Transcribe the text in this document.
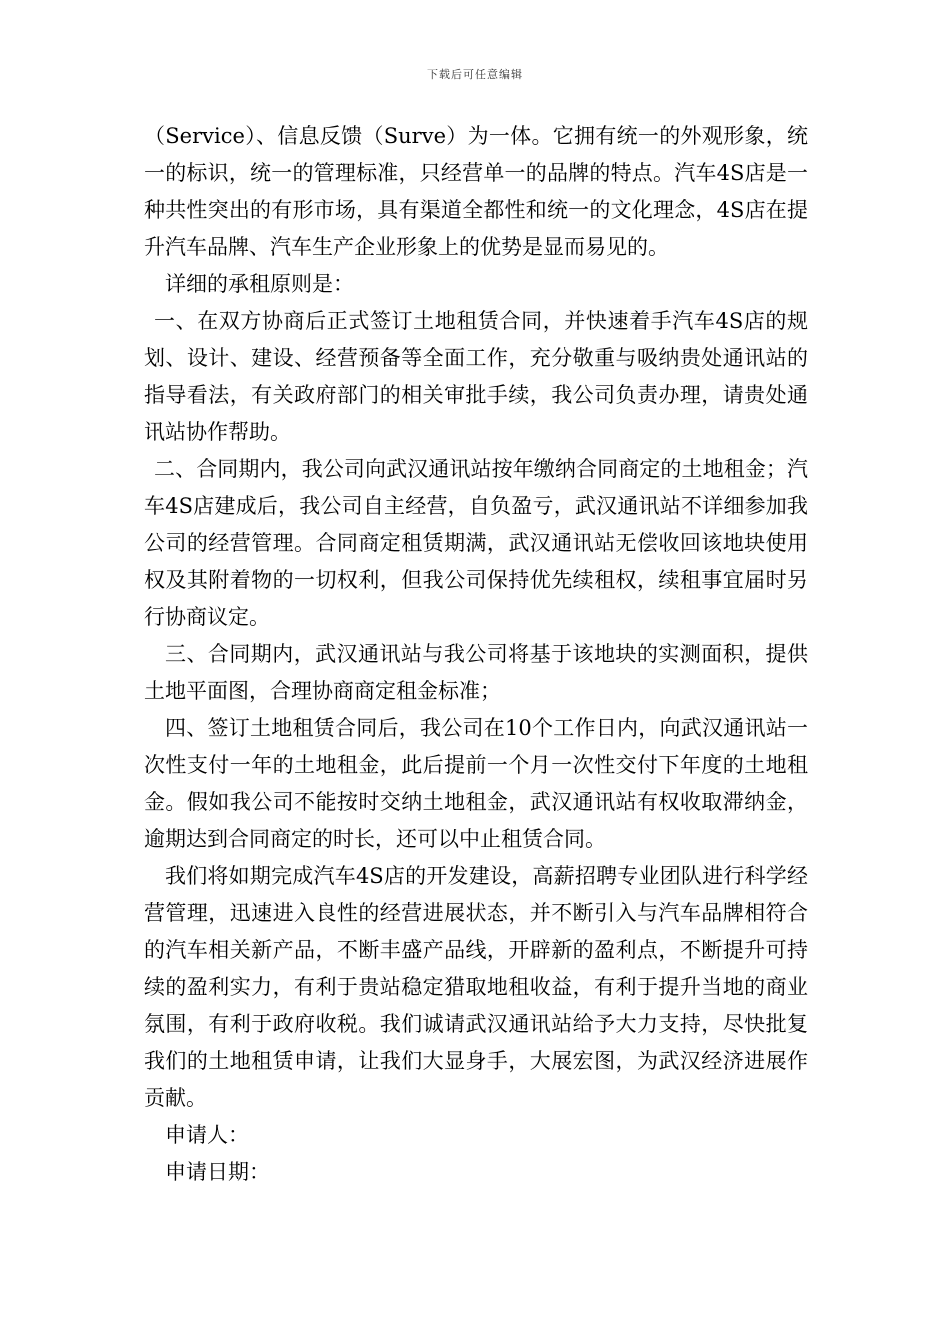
下载后可任意编辑

（Service）、信息反馈（Surve）为一体。它拥有统一的外观形象，统一的标识，统一的管理标准，只经营单一的品牌的特点。汽车4S店是一种共性突出的有形市场，具有渠道全都性和统一的文化理念，4S店在提升汽车品牌、汽车生产企业形象上的优势是显而易见的。

详细的承租原则是：

一、在双方协商后正式签订土地租赁合同，并快速着手汽车4S店的规划、设计、建设、经营预备等全面工作，充分敬重与吸纳贵处通讯站的指导看法，有关政府部门的相关审批手续，我公司负责办理，请贵处通讯站协作帮助。

二、合同期内，我公司向武汉通讯站按年缴纳合同商定的土地租金；汽车4S店建成后，我公司自主经营，自负盈亏，武汉通讯站不详细参加我公司的经营管理。合同商定租赁期满，武汉通讯站无偿收回该地块使用权及其附着物的一切权利，但我公司保持优先续租权，续租事宜届时另行协商议定。

三、合同期内，武汉通讯站与我公司将基于该地块的实测面积，提供土地平面图，合理协商商定租金标准；

四、签订土地租赁合同后，我公司在10个工作日内，向武汉通讯站一次性支付一年的土地租金，此后提前一个月一次性交付下年度的土地租金。假如我公司不能按时交纳土地租金，武汉通讯站有权收取滞纳金，逾期达到合同商定的时长，还可以中止租赁合同。

我们将如期完成汽车4S店的开发建设，高薪招聘专业团队进行科学经营管理，迅速进入良性的经营进展状态，并不断引入与汽车品牌相符合的汽车相关新产品，不断丰盛产品线，开辟新的盈利点，不断提升可持续的盈利实力，有利于贵站稳定猎取地租收益，有利于提升当地的商业氛围，有利于政府收税。我们诚请武汉通讯站给予大力支持，尽快批复我们的土地租赁申请，让我们大显身手，大展宏图，为武汉经济进展作贡献。

申请人：

申请日期：
